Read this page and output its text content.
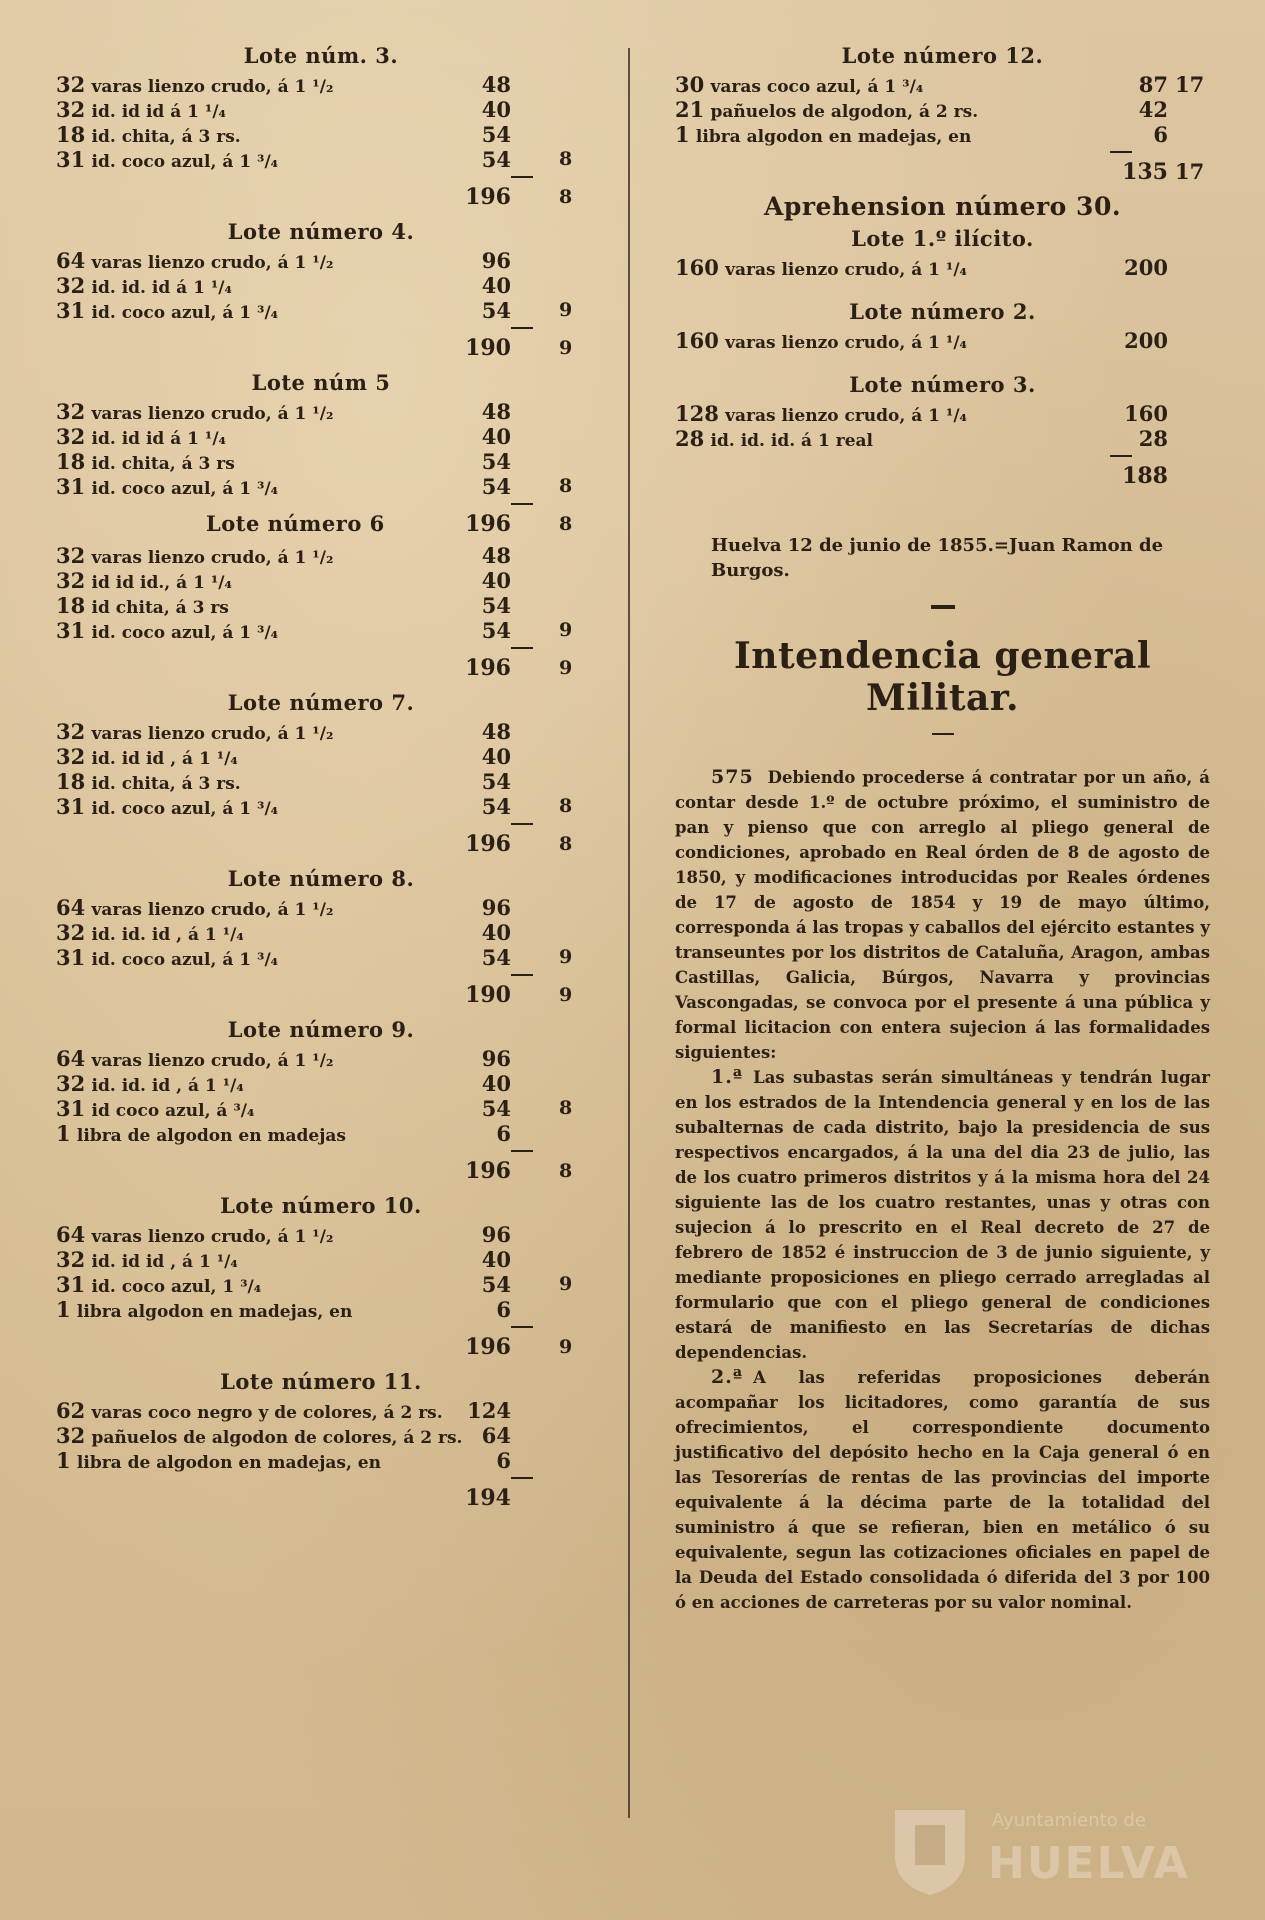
Lote núm. 3.
32 varas lienzo crudo, á 1 ¹/₂	48
32 id. id id á 1 ¹/₄	40
18 id. chita, á 3 rs.	54
31 id. coco azul, á 1 ³/₄	54	8
196	8
Lote número 4.
64 varas lienzo crudo, á 1 ¹/₂	96
32 id. id. id á 1 ¹/₄	40
31 id. coco azul, á 1 ³/₄	54	9
190	9
Lote núm 5
32 varas lienzo crudo, á 1 ¹/₂	48
32 id. id id á 1 ¹/₄	40
18 id. chita, á 3 rs	54
31 id. coco azul, á 1 ³/₄	54	8
Lote número 6	196	8
32 varas lienzo crudo, á 1 ¹/₂	48
32 id id id., á 1 ¹/₄	40
18 id chita, á 3 rs	54
31 id. coco azul, á 1 ³/₄	54	9
196	9
Lote número 7.
32 varas lienzo crudo, á 1 ¹/₂	48
32 id. id id , á 1 ¹/₄	40
18 id. chita, á 3 rs.	54
31 id. coco azul, á 1 ³/₄	54	8
196	8
Lote número 8.
64 varas lienzo crudo, á 1 ¹/₂	96
32 id. id. id , á 1 ¹/₄	40
31 id. coco azul, á 1 ³/₄	54	9
190	9
Lote número 9.
64 varas lienzo crudo, á 1 ¹/₂	96
32 id. id. id , á 1 ¹/₄	40
31 id coco azul, á ³/₄	54	8
1 libra de algodon en madejas	6
196	8
Lote número 10.
64 varas lienzo crudo, á 1 ¹/₂	96
32 id. id id , á 1 ¹/₄	40
31 id. coco azul, 1 ³/₄	54	9
1 libra algodon en madejas, en	6
196	9
Lote número 11.
62 varas coco negro y de colores, á 2 rs. 124
32 pañuelos de algodon de colores, á 2 rs. 64
1 libra de algodon en madejas, en	6
194
Lote número 12.
30 varas coco azul, á 1 ³/₄	87 17
21 pañuelos de algodon, á 2 rs.	42
1 libra algodon en madejas, en	6
135 17
Aprehension número 30.
Lote 1.º ilícito.
160 varas lienzo crudo, á 1 ¹/₄	200
Lote número 2.
160 varas lienzo crudo, á 1 ¹/₄	200
Lote número 3.
128 varas lienzo crudo, á 1 ¹/₄	160
28 id. id. id. á 1 real	28
188

Huelva 12 de junio de 1855.=Juan Ramon de Burgos.

Intendencia general Militar.

575 Debiendo procederse á contratar por un año, á contar desde 1.º de octubre próximo, el suministro de pan y pienso que con arreglo al pliego general de condiciones, aprobado en Real órden de 8 de agosto de 1850, y modificaciones introducidas por Reales órdenes de 17 de agosto de 1854 y 19 de mayo último, corresponda á las tropas y caballos del ejército estantes y transeuntes por los distritos de Cataluña, Aragon, ambas Castillas, Galicia, Búrgos, Navarra y provincias Vascongadas, se convoca por el presente á una pública y formal licitacion con entera sujecion á las formalidades siguientes:

1.ª Las subastas serán simultáneas y tendrán lugar en los estrados de la Intendencia general y en los de las subalternas de cada distrito, bajo la presidencia de sus respectivos encargados, á la una del dia 23 de julio, las de los cuatro primeros distritos y á la misma hora del 24 siguiente las de los cuatro restantes, unas y otras con sujecion á lo prescrito en el Real decreto de 27 de febrero de 1852 é instruccion de 3 de junio siguiente, y mediante proposiciones en pliego cerrado arregladas al formulario que con el pliego general de condiciones estará de manifiesto en las Secretarías de dichas dependencias.

2.ª A las referidas proposiciones deberán acompañar los licitadores, como garantía de sus ofrecimientos, el correspondiente documento justificativo del depósito hecho en la Caja general ó en las Tesorerías de rentas de las provincias del importe equivalente á la décima parte de la totalidad del suministro á que se refieran, bien en metálico ó su equivalente, segun las cotizaciones oficiales en papel de la Deuda del Estado consolidada ó diferida del 3 por 100 ó en acciones de carreteras por su valor nominal.

Ayuntamiento de
HUELVA
